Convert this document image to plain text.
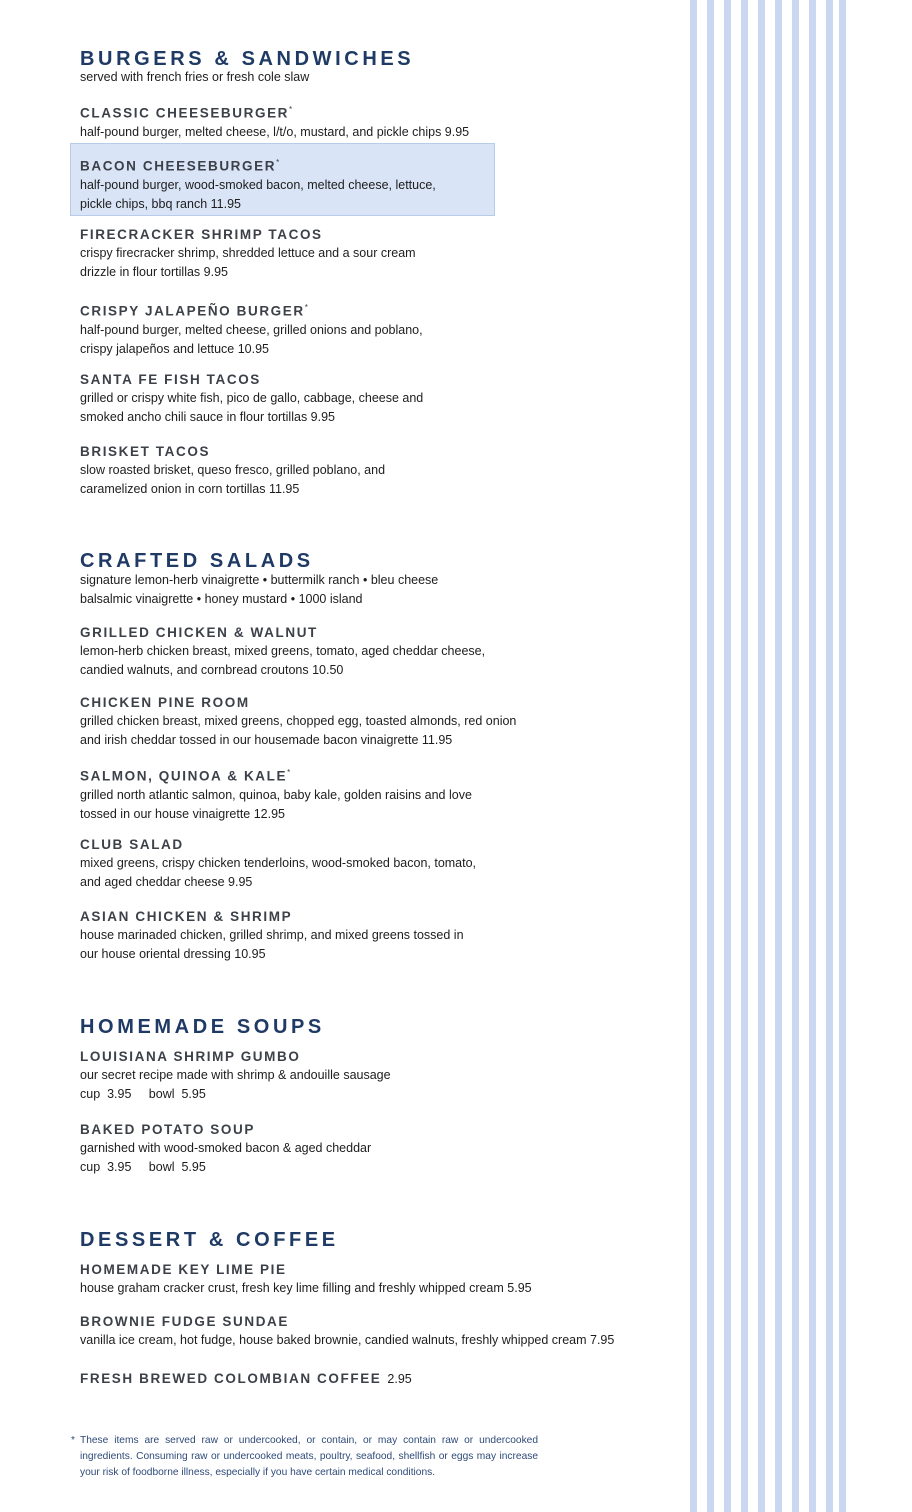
BURGERS & SANDWICHES
served with french fries or fresh cole slaw
CLASSIC CHEESEBURGER*
half-pound burger, melted cheese, l/t/o, mustard, and pickle chips 9.95
BACON CHEESEBURGER*
half-pound burger, wood-smoked bacon, melted cheese, lettuce,
pickle chips, bbq ranch 11.95
FIRECRACKER SHRIMP TACOS
crispy firecracker shrimp, shredded lettuce and a sour cream
drizzle in flour tortillas 9.95
CRISPY JALAPEÑO BURGER*
half-pound burger, melted cheese, grilled onions and poblano,
crispy jalapeños and lettuce 10.95
SANTA FE FISH TACOS
grilled or crispy white fish, pico de gallo, cabbage, cheese and
smoked ancho chili sauce in flour tortillas 9.95
BRISKET TACOS
slow roasted brisket, queso fresco, grilled poblano, and
caramelized onion in corn tortillas 11.95
CRAFTED SALADS
signature lemon-herb vinaigrette • buttermilk ranch • bleu cheese
balsalmic vinaigrette • honey mustard • 1000 island
GRILLED CHICKEN & WALNUT
lemon-herb chicken breast, mixed greens, tomato, aged cheddar cheese,
candied walnuts, and cornbread croutons 10.50
CHICKEN PINE ROOM
grilled chicken breast, mixed greens, chopped egg, toasted almonds, red onion
and irish cheddar tossed in our housemade bacon vinaigrette 11.95
SALMON, QUINOA & KALE*
grilled north atlantic salmon, quinoa, baby kale, golden raisins and love
tossed in our house vinaigrette 12.95
CLUB SALAD
mixed greens, crispy chicken tenderloins, wood-smoked bacon, tomato,
and aged cheddar cheese 9.95
ASIAN CHICKEN & SHRIMP
house marinaded chicken, grilled shrimp, and mixed greens tossed in
our house oriental dressing 10.95
HOMEMADE SOUPS
LOUISIANA SHRIMP GUMBO
our secret recipe made with shrimp & andouille sausage
cup  3.95     bowl  5.95
BAKED POTATO SOUP
garnished with wood-smoked bacon & aged cheddar
cup  3.95     bowl  5.95
DESSERT & COFFEE
HOMEMADE KEY LIME PIE
house graham cracker crust, fresh key lime filling and freshly whipped cream 5.95
BROWNIE FUDGE SUNDAE
vanilla ice cream, hot fudge, house baked brownie, candied walnuts, freshly whipped cream 7.95
FRESH BREWED COLOMBIAN COFFEE 2.95
* These items are served raw or undercooked, or contain, or may contain raw or undercooked ingredients. Consuming raw or undercooked meats, poultry, seafood, shellfish or eggs may increase your risk of foodborne illness, especially if you have certain medical conditions.
